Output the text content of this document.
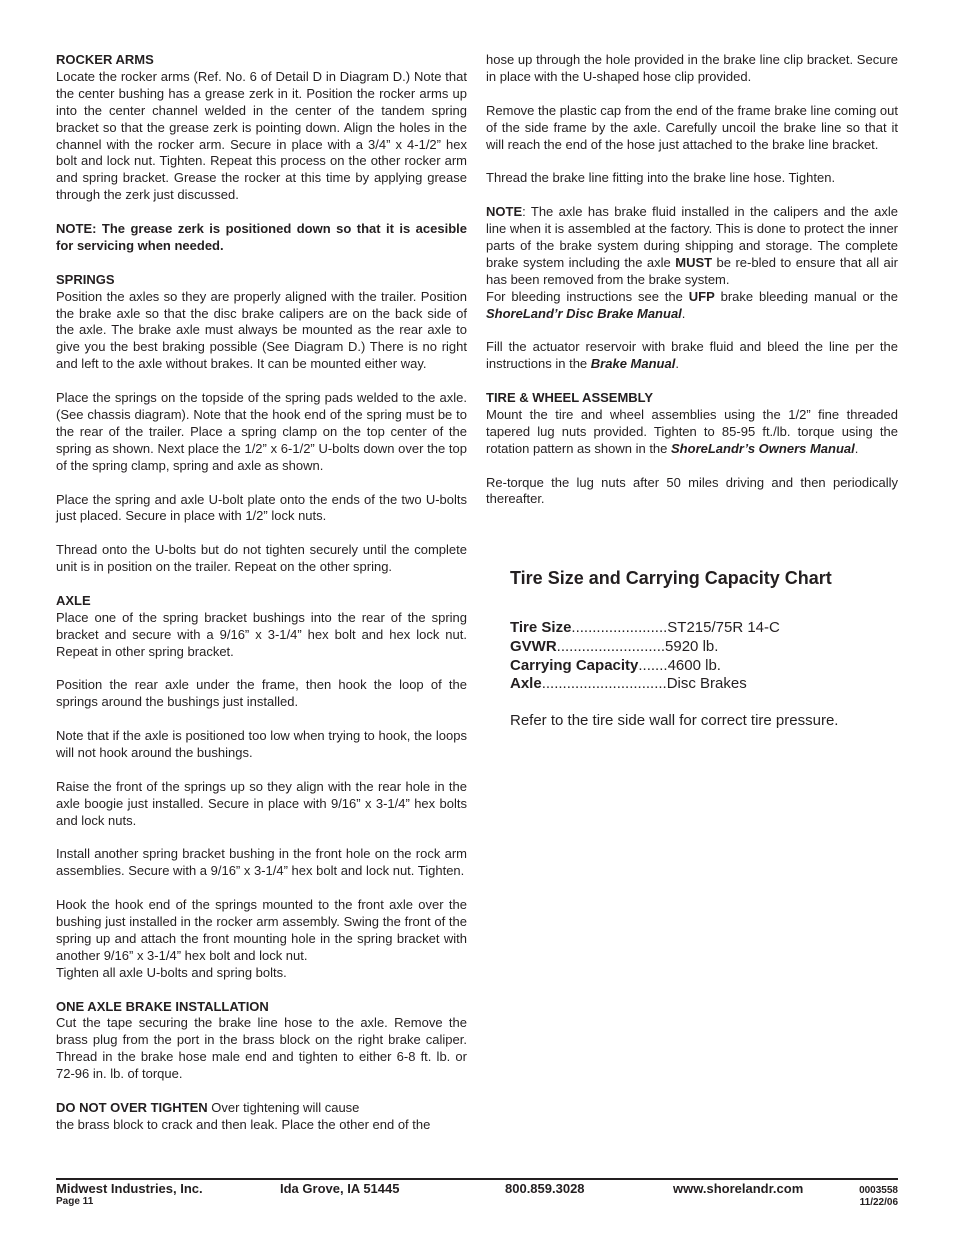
ROCKER ARMS

Locate the rocker arms (Ref. No. 6 of Detail D in Diagram D.) Note that the center bushing has a grease zerk in it. Position the rocker arms up into the center channel welded in the center of the tandem spring bracket so that the grease zerk is pointing down. Align the holes in the channel with the rocker arm. Secure in place with a 3/4” x 4-1/2” hex bolt and lock nut. Tighten. Repeat this process on the other rocker arm and spring bracket. Grease the rocker at this time by applying grease through the zerk just discussed.

NOTE: The grease zerk is positioned down so that it is acesible for servicing when needed.

SPRINGS

Position the axles so they are properly aligned with the trailer. Position the brake axle so that the disc brake calipers are on the back side of the axle. The brake axle must always be mounted as the rear axle to give you the best braking possible (See Diagram D.) There is no right and left to the axle without brakes. It can be mounted either way.

Place the springs on the topside of the spring pads welded to the axle. (See chassis diagram). Note that the hook end of the spring must be to the rear of the trailer. Place a spring clamp on the top center of the spring as shown. Next place the 1/2” x 6-1/2” U-bolts down over the top of the spring clamp, spring and axle as shown.

Place the spring and axle U-bolt plate onto the ends of the two U-bolts just placed. Secure in place with 1/2” lock nuts.

Thread onto the U-bolts but do not tighten securely until the complete unit is in position on the trailer. Repeat on the other spring.

AXLE

Place one of the spring bracket bushings into the rear of the spring bracket and secure with a 9/16” x 3-1/4” hex bolt and hex lock nut. Repeat in other spring bracket.

Position the rear axle under the frame, then hook the loop of the springs around the bushings just installed.

Note that if the axle is positioned too low when trying to hook, the loops will not hook around the bushings.

Raise the front of the springs up so they align with the rear hole in the axle boogie just installed. Secure in place with 9/16” x 3-1/4” hex bolts and lock nuts.

Install another spring bracket bushing in the front hole on the rock arm assemblies. Secure with a 9/16” x 3-1/4” hex bolt and lock nut. Tighten.

Hook the hook end of the springs mounted to the front axle over the bushing just installed in the rocker arm assembly. Swing the front of the spring up and attach the front mounting hole in the spring bracket with another 9/16” x 3-1/4” hex bolt and lock nut.

Tighten all axle U-bolts and spring bolts.

ONE AXLE BRAKE INSTALLATION

Cut the tape securing the brake line hose to the axle. Remove the brass plug from the port in the brass block on the right brake caliper. Thread in the brake hose male end and tighten to either 6-8 ft. lb. or 72-96 in. lb. of torque.

DO NOT OVER TIGHTEN Over tightening will cause

the brass block to crack and then leak. Place the other end of the

hose up through the hole provided in the brake line clip bracket. Secure in place with the U-shaped hose clip provided.

Remove the plastic cap from the end of the frame brake line coming out of the side frame by the axle. Carefully uncoil the brake line so that it will reach the end of the hose just attached to the brake line bracket.

Thread the brake line fitting into the brake line hose. Tighten.

NOTE: The axle has brake fluid installed in the calipers and the axle line when it is assembled at the factory. This is done to protect the inner parts of the brake system during shipping and storage. The complete brake system including the axle MUST be re-bled to ensure that all air has been removed from the brake system.

For bleeding instructions see the UFP brake bleeding manual or the ShoreLand’r Disc Brake Manual.

Fill the actuator reservoir with brake fluid and bleed the line per the instructions in the Brake Manual.

TIRE & WHEEL ASSEMBLY

Mount the tire and wheel assemblies using the 1/2” fine threaded tapered lug nuts provided. Tighten to 85-95 ft./lb. torque using the rotation pattern as shown in the ShoreLandr’s Owners Manual.

Re-torque the lug nuts after 50 miles driving and then periodically thereafter.

Tire Size and Carrying Capacity Chart

Tire Size ....................... ST215/75R 14-C
GVWR .......................... 5920 lb.
Carrying Capacity ....... 4600 lb.
Axle .............................. Disc Brakes

Refer to the tire side wall for correct tire pressure.

Midwest Industries, Inc.
Page 11
Ida Grove, IA 51445	800.859.3028	www.shorelandr.com	0003558
11/22/06
